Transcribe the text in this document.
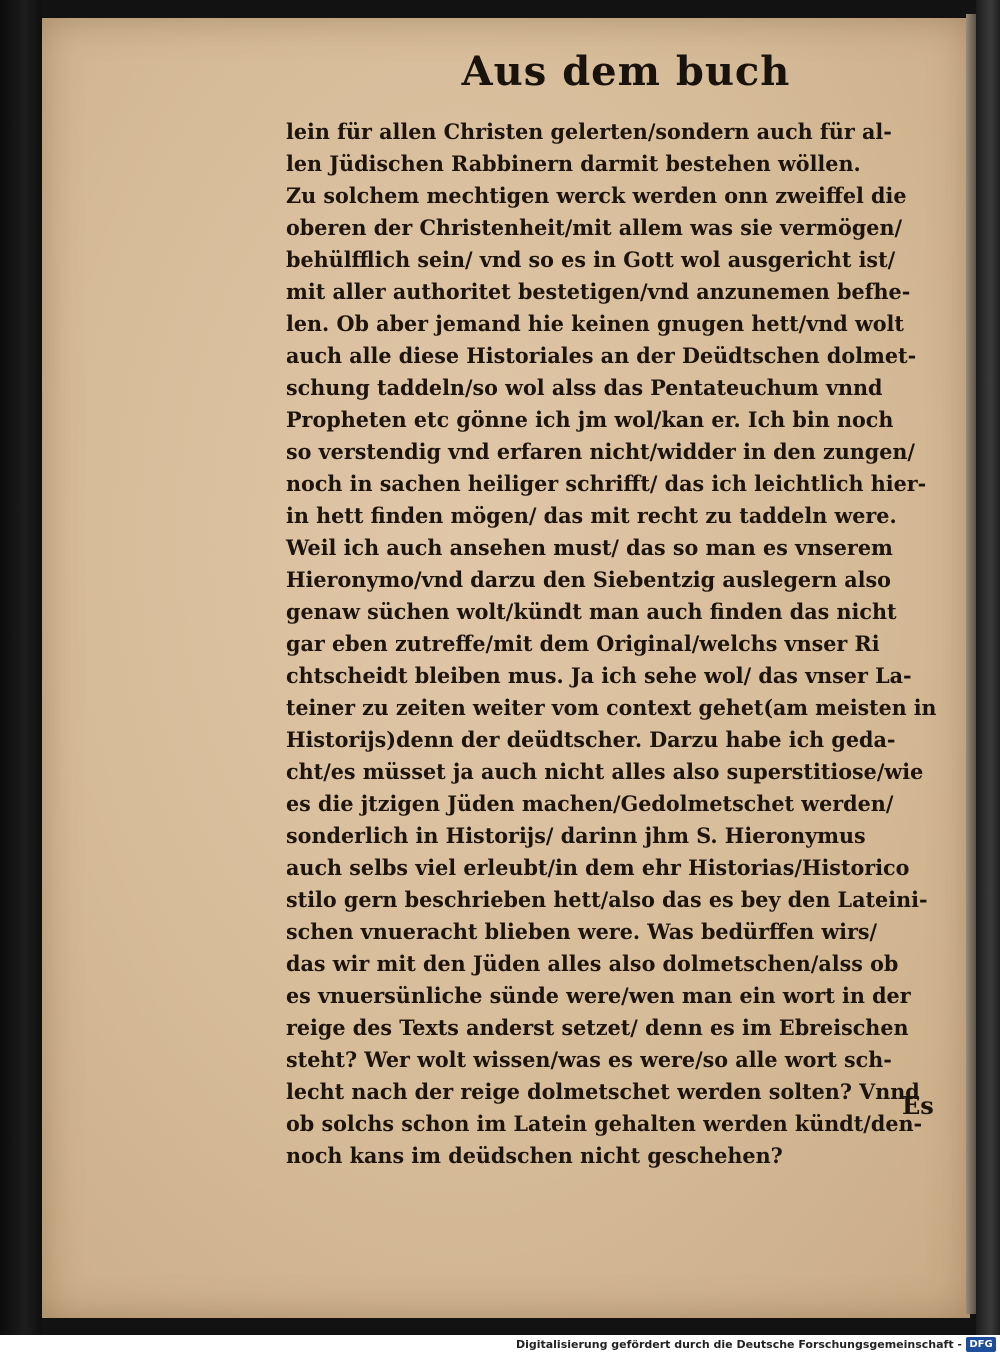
Aus dem buch
lein für allen Christen gelerten/sondern auch für al-
len Jüdischen Rabbinern darmit bestehen wöllen.
Zu solchem mechtigen werck werden onn zweiffel die
oberen der Christenheit/mit allem was sie vermögen/
behülfflich sein/ vnd so es in Gott wol ausgericht ist/
mit aller authoritet bestetigen/vnd anzunemen befhe-
len. Ob aber jemand hie keinen gnugen hett/vnd wolt
auch alle diese Historiales an der Deüdtschen dolmet-
schung taddeln/so wol alss das Pentateuchum vnnd
Propheten etc gönne ich jm wol/kan er. Ich bin noch
so verstendig vnd erfaren nicht/widder in den zungen/
noch in sachen heiliger schrifft/ das ich leichtlich hier-
in hett finden mögen/ das mit recht zu taddeln were.
Weil ich auch ansehen must/ das so man es vnserem
Hieronymo/vnd darzu den Siebentzig auslegern also
genaw süchen wolt/kündt man auch finden das nicht
gar eben zutreffe/mit dem Original/welchs vnser Ri
chtscheidt bleiben mus. Ja ich sehe wol/ das vnser La-
teiner zu zeiten weiter vom context gehet(am meisten in
Historijs)denn der deüdtscher. Darzu habe ich geda-
cht/es müsset ja auch nicht alles also superstitiose/wie
es die jtzigen Jüden machen/Gedolmetschet werden/
sonderlich in Historijs/ darinn jhm S. Hieronymus
auch selbs viel erleubt/in dem ehr Historias/Historico
stilo gern beschrieben hett/also das es bey den Lateini-
schen vnueracht blieben were. Was bedürffen wirs/
das wir mit den Jüden alles also dolmetschen/alss ob
es vnuersünliche sünde were/wen man ein wort in der
reige des Texts anderst setzet/ denn es im Ebreischen
steht? Wer wolt wissen/was es were/so alle wort sch-
lecht nach der reige dolmetschet werden solten? Vnnd
ob solchs schon im Latein gehalten werden kündt/den-
noch kans im deüdschen nicht geschehen?
Es
Digitalisierung gefördert durch die Deutsche Forschungsgemeinschaft - DFG
